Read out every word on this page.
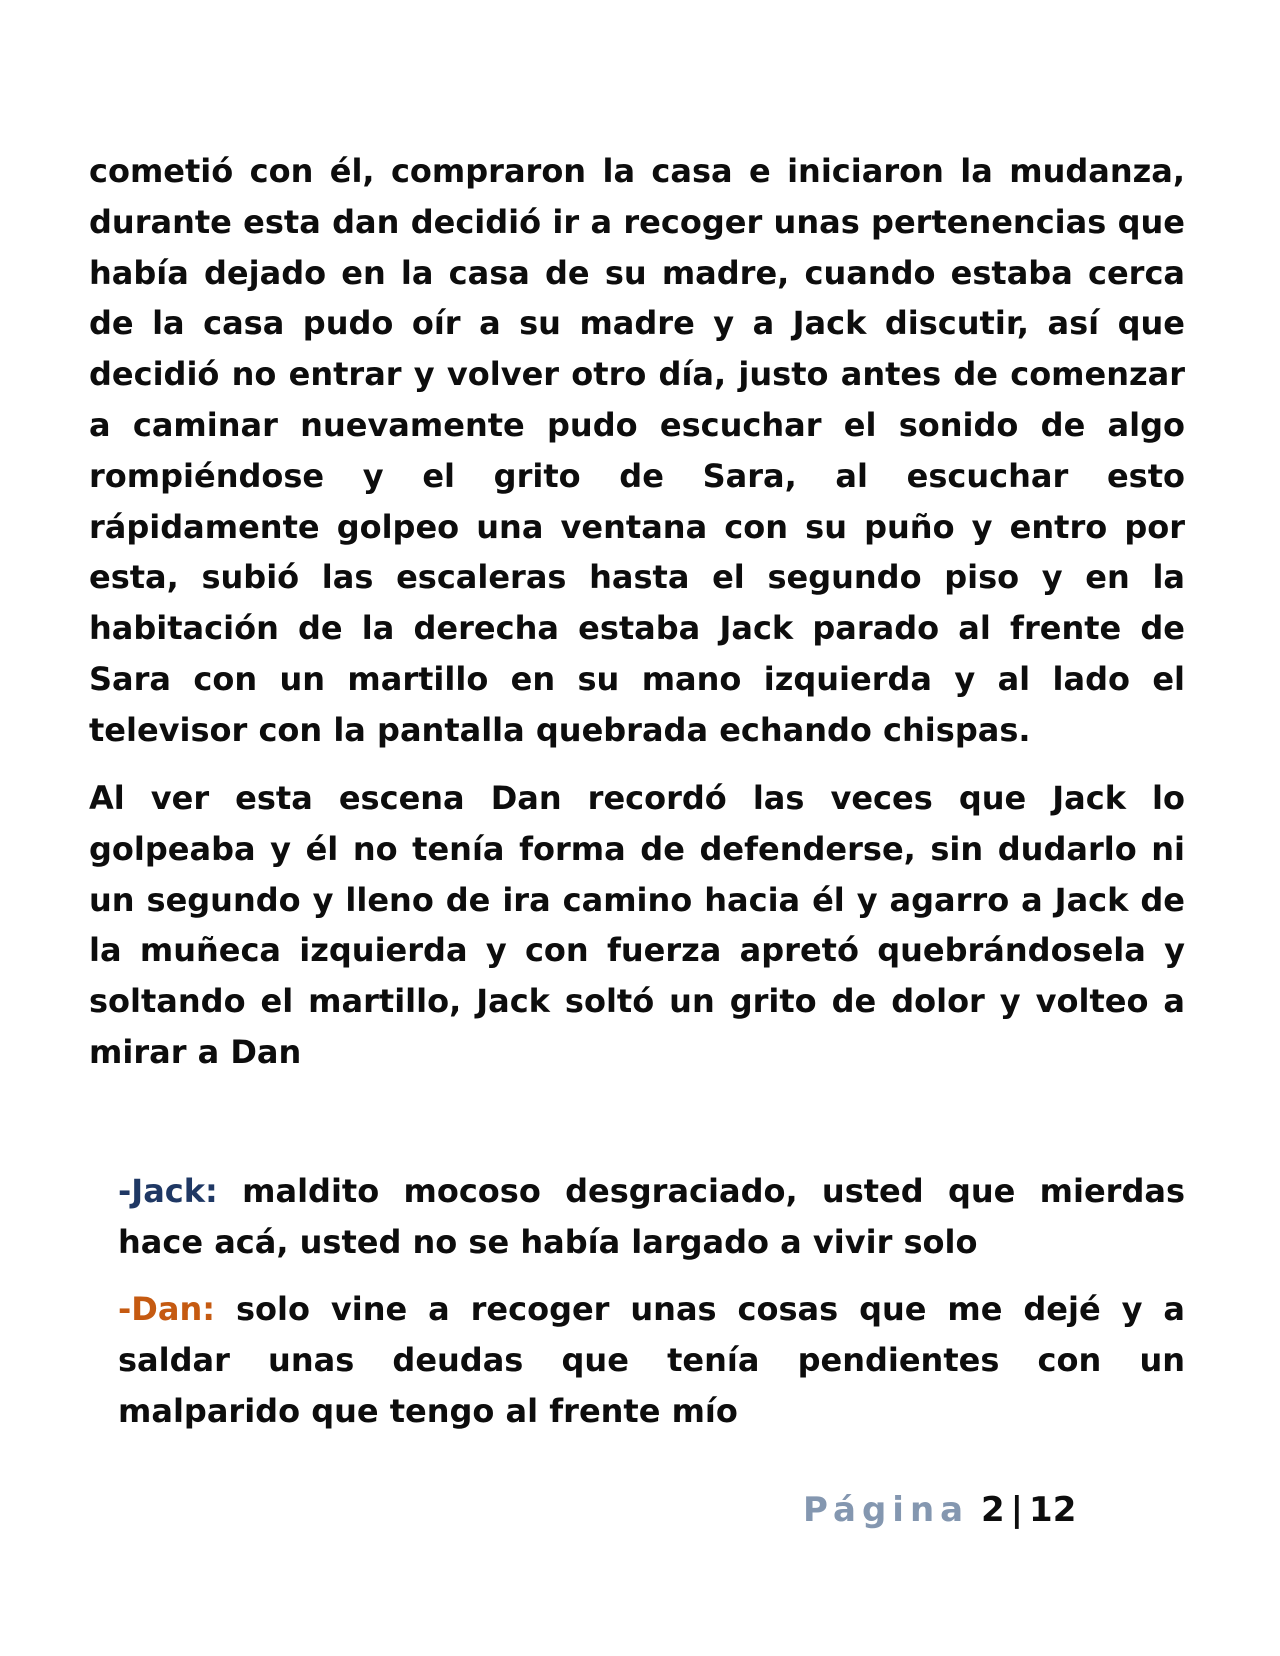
cometió con él, compraron la casa e iniciaron la mudanza, durante esta dan decidió ir a recoger unas pertenencias que había dejado en la casa de su madre, cuando estaba cerca de la casa pudo oír a su madre y a Jack discutir, así que decidió no entrar y volver otro día, justo antes de comenzar a caminar nuevamente pudo escuchar el sonido de algo rompiéndose y el grito de Sara, al escuchar esto rápidamente golpeo una ventana con su puño y entro por esta, subió las escaleras hasta el segundo piso y en la habitación de la derecha estaba Jack parado al frente de Sara con un martillo en su mano izquierda y al lado el televisor con la pantalla quebrada echando chispas.

Al ver esta escena Dan recordó las veces que Jack lo golpeaba y él no tenía forma de defenderse, sin dudarlo ni un segundo y lleno de ira camino hacia él y agarro a Jack de la muñeca izquierda y con fuerza apretó quebrándosela y soltando el martillo, Jack soltó un grito de dolor y volteo a mirar a Dan

-Jack: maldito mocoso desgraciado, usted que mierdas hace acá, usted no se había largado a vivir solo

-Dan: solo vine a recoger unas cosas que me dejé y a saldar unas deudas que tenía pendientes con un malparido que tengo al frente mío

Página 2 | 12
